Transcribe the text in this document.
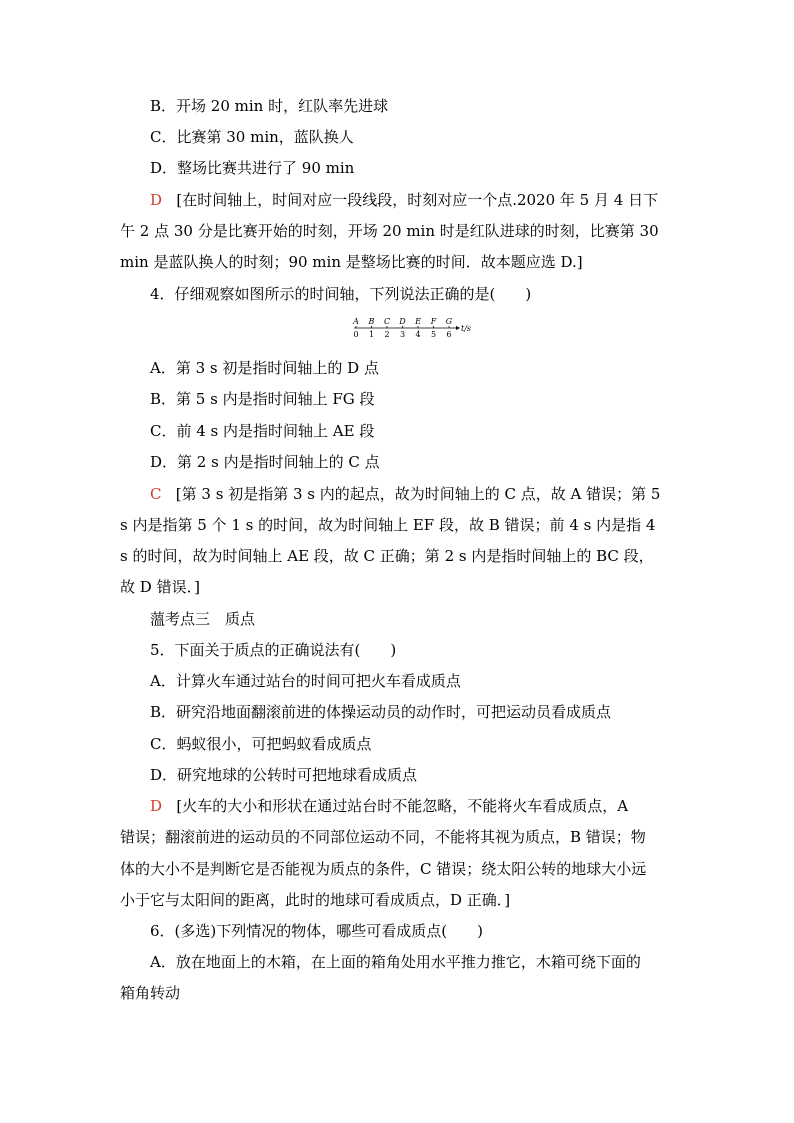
B．开场 20 min 时，红队率先进球
C．比赛第 30 min，蓝队换人
D．整场比赛共进行了 90 min
D [在时间轴上，时间对应一段线段，时刻对应一个点.2020 年 5 月 4 日下
午 2 点 30 分是比赛开始的时刻，开场 20 min 时是红队进球的时刻，比赛第 30
min 是蓝队换人的时刻；90 min 是整场比赛的时间．故本题应选 D.]
4．仔细观察如图所示的时间轴，下列说法正确的是(　　)
A B C D E F G
0 1 2 3 4 5 6
t/s
A．第 3 s 初是指时间轴上的 D 点
B．第 5 s 内是指时间轴上 FG 段
C．前 4 s 内是指时间轴上 AE 段
D．第 2 s 内是指时间轴上的 C 点
C [第 3 s 初是指第 3 s 内的起点，故为时间轴上的 C 点，故 A 错误；第 5
s 内是指第 5 个 1 s 的时间，故为时间轴上 EF 段，故 B 错误；前 4 s 内是指 4
s 的时间，故为时间轴上 AE 段，故 C 正确；第 2 s 内是指时间轴上的 BC 段，
故 D 错误．]
薀考点三　质点
5．下面关于质点的正确说法有(　　)
A．计算火车通过站台的时间可把火车看成质点
B．研究沿地面翻滚前进的体操运动员的动作时，可把运动员看成质点
C．蚂蚁很小，可把蚂蚁看成质点
D．研究地球的公转时可把地球看成质点
D [火车的大小和形状在通过站台时不能忽略，不能将火车看成质点，A
错误；翻滚前进的运动员的不同部位运动不同，不能将其视为质点，B 错误；物
体的大小不是判断它是否能视为质点的条件，C 错误；绕太阳公转的地球大小远
小于它与太阳间的距离，此时的地球可看成质点，D 正确．]
6．(多选)下列情况的物体，哪些可看成质点(　　)
A．放在地面上的木箱，在上面的箱角处用水平推力推它，木箱可绕下面的
箱角转动
